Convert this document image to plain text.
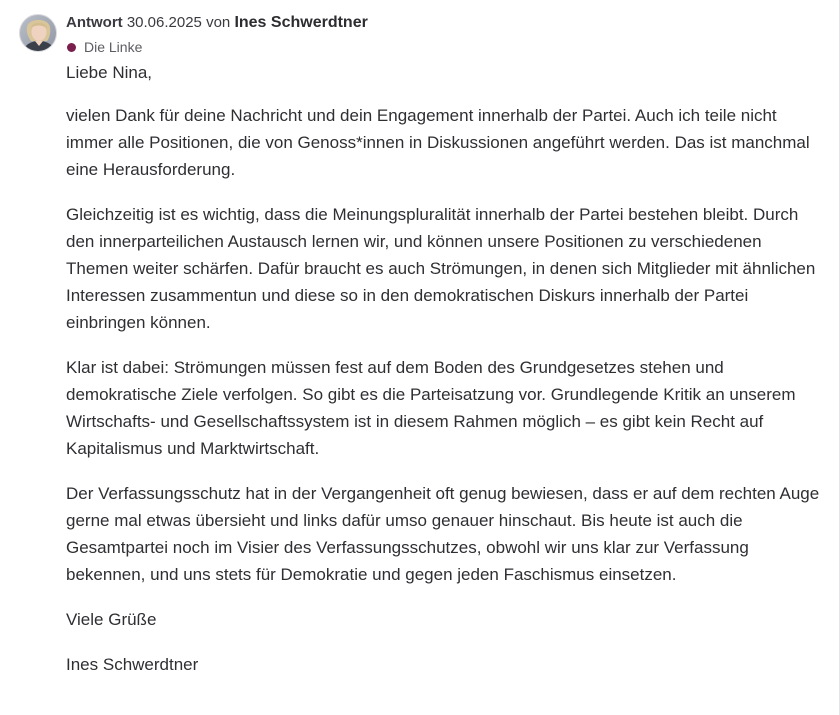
Antwort 30.06.2025 von Ines Schwerdtner
Die Linke

Liebe Nina,

vielen Dank für deine Nachricht und dein Engagement innerhalb der Partei. Auch ich teile nicht immer alle Positionen, die von Genoss*innen in Diskussionen angeführt werden. Das ist manchmal eine Herausforderung.

Gleichzeitig ist es wichtig, dass die Meinungspluralität innerhalb der Partei bestehen bleibt. Durch den innerparteilichen Austausch lernen wir, und können unsere Positionen zu verschiedenen Themen weiter schärfen. Dafür braucht es auch Strömungen, in denen sich Mitglieder mit ähnlichen Interessen zusammentun und diese so in den demokratischen Diskurs innerhalb der Partei einbringen können.

Klar ist dabei: Strömungen müssen fest auf dem Boden des Grundgesetzes stehen und demokratische Ziele verfolgen. So gibt es die Parteisatzung vor. Grundlegende Kritik an unserem Wirtschafts- und Gesellschaftssystem ist in diesem Rahmen möglich – es gibt kein Recht auf Kapitalismus und Marktwirtschaft.

Der Verfassungsschutz hat in der Vergangenheit oft genug bewiesen, dass er auf dem rechten Auge gerne mal etwas übersieht und links dafür umso genauer hinschaut. Bis heute ist auch die Gesamtpartei noch im Visier des Verfassungsschutzes, obwohl wir uns klar zur Verfassung bekennen, und uns stets für Demokratie und gegen jeden Faschismus einsetzen.

Viele Grüße

Ines Schwerdtner
